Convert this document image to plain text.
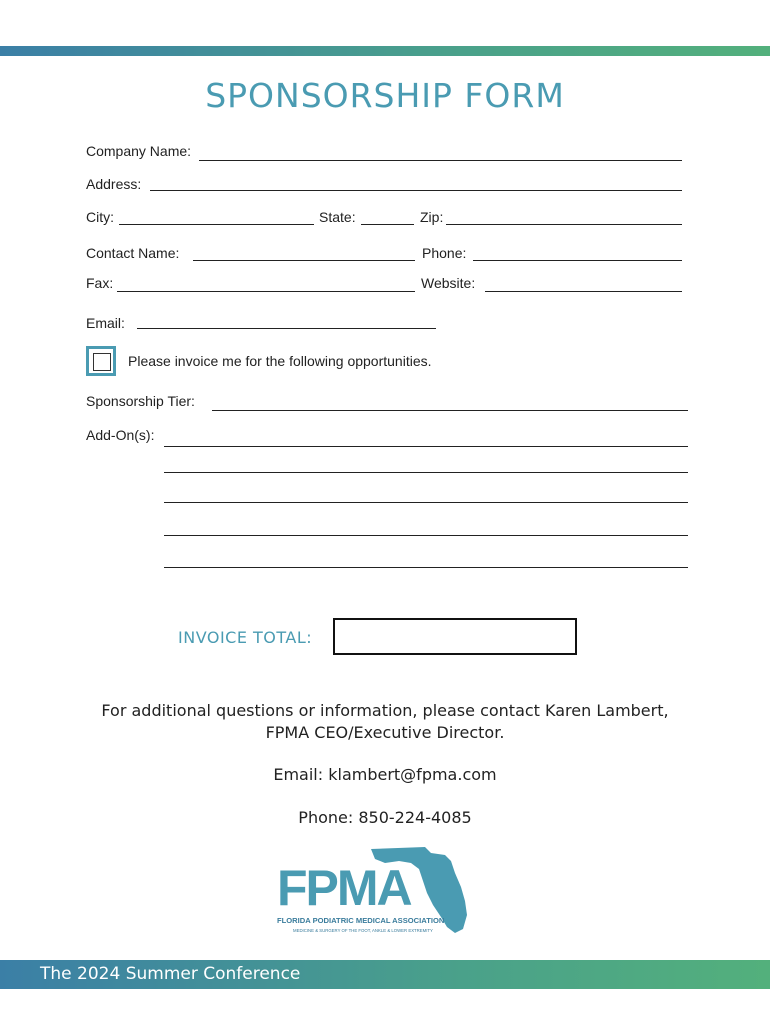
SPONSORSHIP FORM
Company Name:
Address:
City:	State:	Zip:
Contact Name:	Phone:
Fax:	Website:
Email:
Please invoice me for the following opportunities.
Sponsorship Tier:
Add-On(s):
INVOICE TOTAL:
For additional questions or information, please contact Karen Lambert,
FPMA CEO/Executive Director.
Email: klambert@fpma.com
Phone: 850-224-4085
FPMA
FLORIDA PODIATRIC MEDICAL ASSOCIATION
MEDICINE & SURGERY OF THE FOOT, ANKLE & LOWER EXTREMITY
The 2024 Summer Conference
